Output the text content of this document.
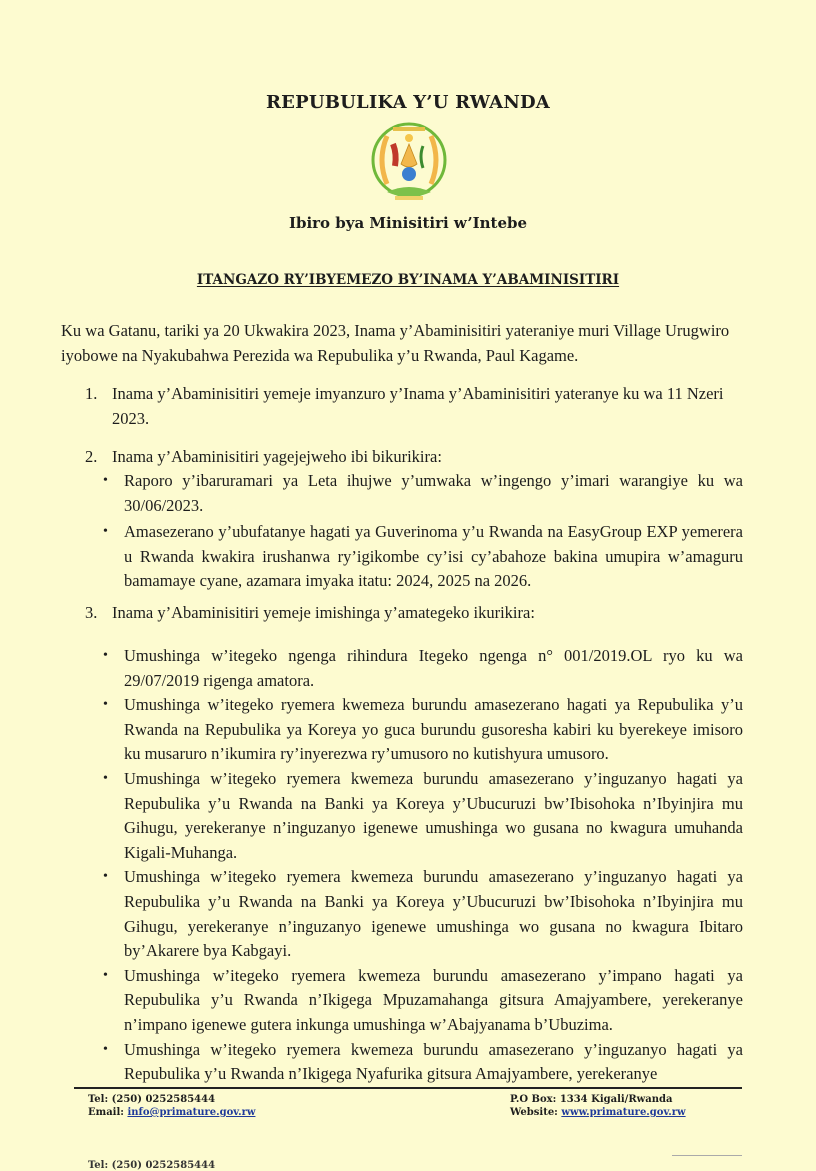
REPUBULIKA Y’U RWANDA
Ibiro bya Minisitiri w’Intebe
ITANGAZO RY’IBYEMEZO BY’INAMA Y’ABAMINISITIRI
Ku wa Gatanu, tariki ya 20 Ukwakira 2023, Inama y’Abaminisitiri yateraniye muri Village Urugwiro iyobowe na Nyakubahwa Perezida wa Repubulika y’u Rwanda, Paul Kagame.
1. Inama y’Abaminisitiri yemeje imyanzuro y’Inama y’Abaminisitiri yateranye ku wa 11 Nzeri 2023.
2. Inama y’Abaminisitiri yagejejweho ibi bikurikira:
• Raporo y’ibaruramari ya Leta ihujwe y’umwaka w’ingengo y’imari warangiye ku wa 30/06/2023.
• Amasezerano y’ubufatanye hagati ya Guverinoma y’u Rwanda na EasyGroup EXP yemerera u Rwanda kwakira irushanwa ry’igikombe cy’isi cy’abahoze bakina umupira w’amaguru bamamaye cyane, azamara imyaka itatu: 2024, 2025 na 2026.
3. Inama y’Abaminisitiri yemeje imishinga y’amategeko ikurikira:
• Umushinga w’itegeko ngenga rihindura Itegeko ngenga n° 001/2019.OL ryo ku wa 29/07/2019 rigenga amatora.
• Umushinga w’itegeko ryemera kwemeza burundu amasezerano hagati ya Repubulika y’u Rwanda na Repubulika ya Koreya yo guca burundu gusoresha kabiri ku byerekeye imisoro ku musaruro n’ikumira ry’inyerezwa ry’umusoro no kutishyura umusoro.
• Umushinga w’itegeko ryemera kwemeza burundu amasezerano y’inguzanyo hagati ya Repubulika y’u Rwanda na Banki ya Koreya y’Ubucuruzi bw’Ibisohoka n’Ibyinjira mu Gihugu, yerekeranye n’inguzanyo igenewe umushinga wo gusana no kwagura umuhanda Kigali-Muhanga.
• Umushinga w’itegeko ryemera kwemeza burundu amasezerano y’inguzanyo hagati ya Repubulika y’u Rwanda na Banki ya Koreya y’Ubucuruzi bw’Ibisohoka n’Ibyinjira mu Gihugu, yerekeranye n’inguzanyo igenewe umushinga wo gusana no kwagura Ibitaro by’Akarere bya Kabgayi.
• Umushinga w’itegeko ryemera kwemeza burundu amasezerano y’impano hagati ya Repubulika y’u Rwanda n’Ikigega Mpuzamahanga gitsura Amajyambere, yerekeranye n’impano igenewe gutera inkunga umushinga w’Abajyanama b’Ubuzima.
• Umushinga w’itegeko ryemera kwemeza burundu amasezerano y’inguzanyo hagati ya Repubulika y’u Rwanda n’Ikigega Nyafurika gitsura Amajyambere, yerekeranye
Tel: (250) 0252585444
Email: info@primature.gov.rw
P.O Box: 1334 Kigali/Rwanda
Website: www.primature.gov.rw
Tel: (250) 0252585444
